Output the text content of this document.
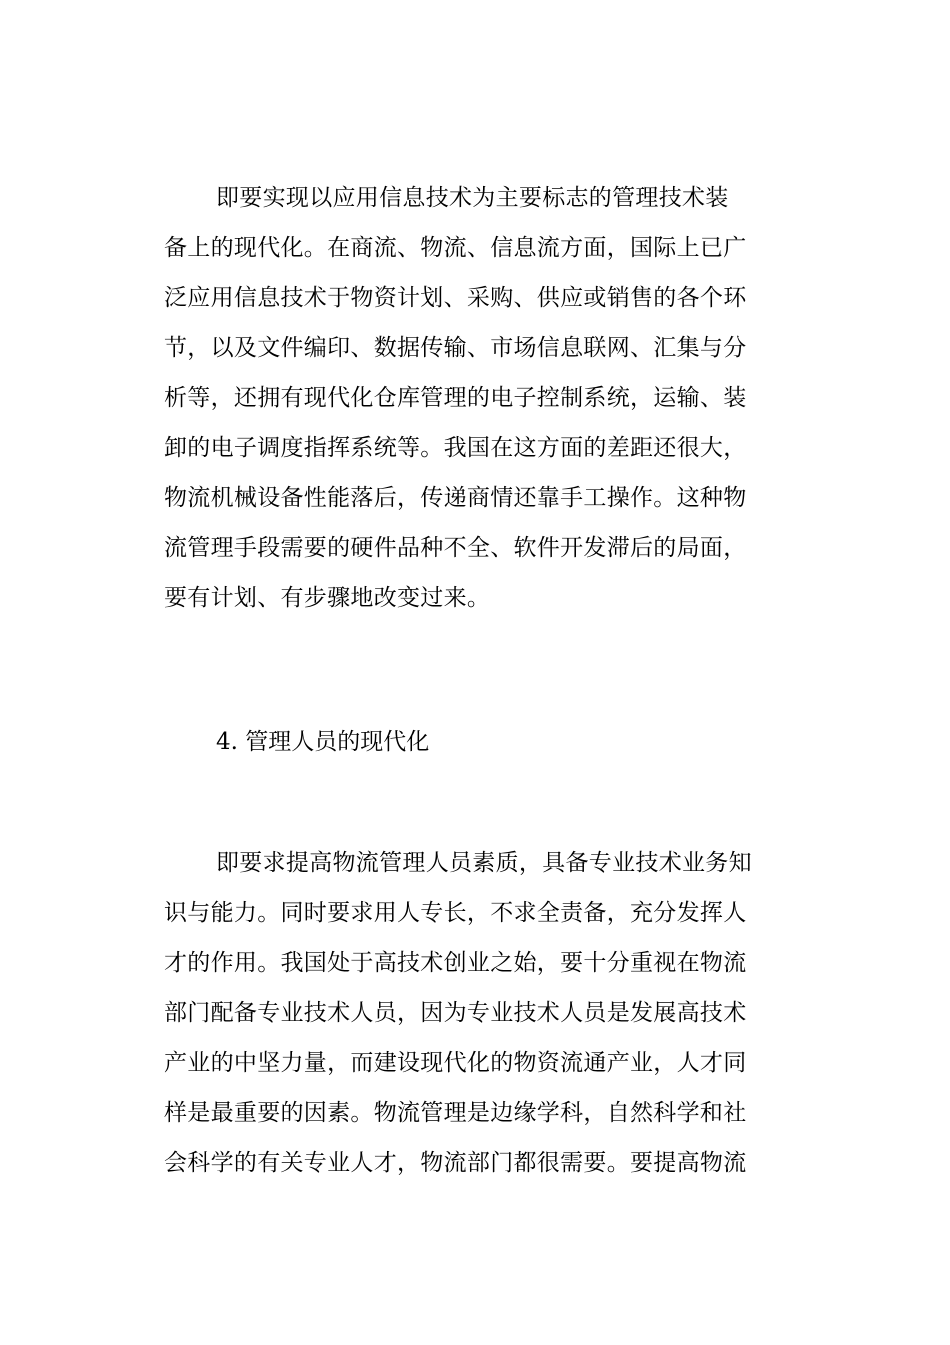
即要实现以应用信息技术为主要标志的管理技术装
备上的现代化。在商流、物流、信息流方面，国际上已广
泛应用信息技术于物资计划、采购、供应或销售的各个环
节，以及文件编印、数据传输、市场信息联网、汇集与分
析等，还拥有现代化仓库管理的电子控制系统，运输、装
卸的电子调度指挥系统等。我国在这方面的差距还很大，
物流机械设备性能落后，传递商情还靠手工操作。这种物
流管理手段需要的硬件品种不全、软件开发滞后的局面，
要有计划、有步骤地改变过来。
4. 管理人员的现代化
即要求提高物流管理人员素质，具备专业技术业务知
识与能力。同时要求用人专长，不求全责备，充分发挥人
才的作用。我国处于高技术创业之始，要十分重视在物流
部门配备专业技术人员，因为专业技术人员是发展高技术
产业的中坚力量，而建设现代化的物资流通产业，人才同
样是最重要的因素。物流管理是边缘学科，自然科学和社
会科学的有关专业人才，物流部门都很需要。要提高物流
